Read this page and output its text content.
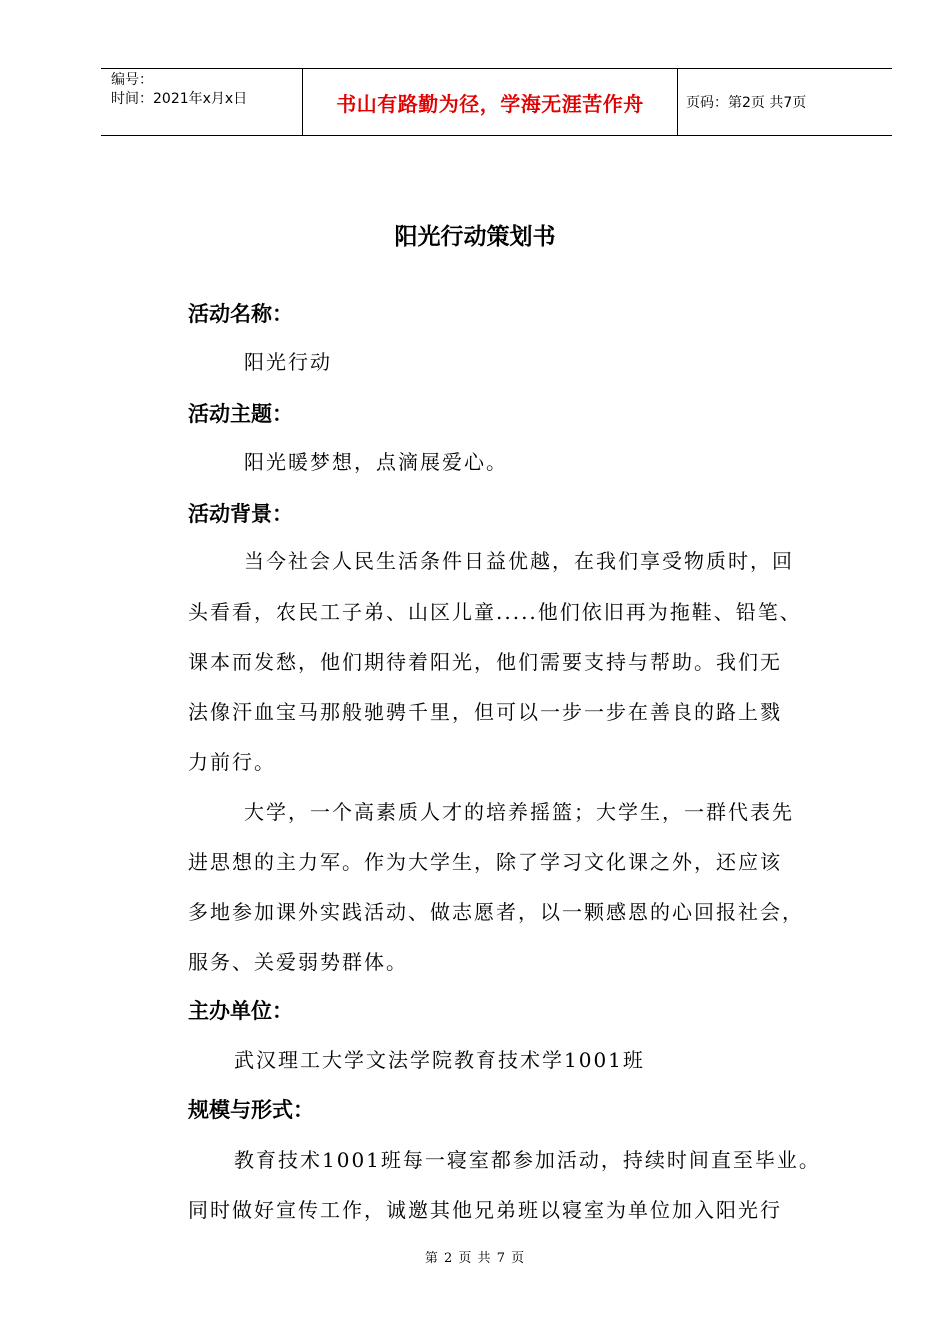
编号：
时间：2021年x月x日	书山有路勤为径，学海无涯苦作舟	页码：第2页 共7页
阳光行动策划书
活动名称：
阳光行动
活动主题：
阳光暖梦想，点滴展爱心。
活动背景：
当今社会人民生活条件日益优越，在我们享受物质时，回
头看看，农民工子弟、山区儿童.....他们依旧再为拖鞋、铅笔、
课本而发愁，他们期待着阳光，他们需要支持与帮助。我们无
法像汗血宝马那般驰骋千里，但可以一步一步在善良的路上戮
力前行。
大学，一个高素质人才的培养摇篮；大学生，一群代表先
进思想的主力军。作为大学生，除了学习文化课之外，还应该
多地参加课外实践活动、做志愿者，以一颗感恩的心回报社会，
服务、关爱弱势群体。
主办单位：
武汉理工大学文法学院教育技术学1001班
规模与形式：
教育技术1001班每一寝室都参加活动，持续时间直至毕业。
同时做好宣传工作，诚邀其他兄弟班以寝室为单位加入阳光行
第 2 页 共 7 页
